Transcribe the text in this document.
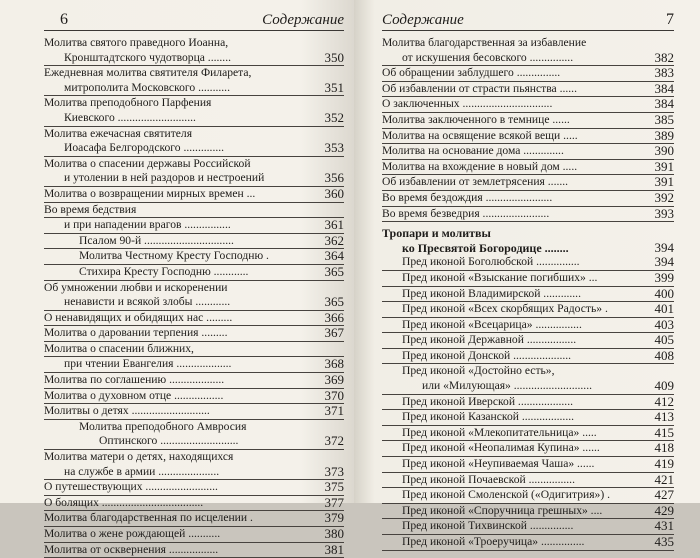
6	Содержание
Молитва святого праведного Иоанна,
Кронштадтского чудотворца ........	350
Ежедневная молитва святителя Филарета,
митрополита Московского ...........	351
Молитва преподобного Парфения
Киевского ...........................	352
Молитва ежечасная святителя
Иоасафа Белгородского ..............	353
Молитва о спасении державы Российской
и утолении в ней раздоров и нестроений	356
Молитва о возвращении мирных времен ...	360
Во время бедствия
и при нападении врагов ................	361
Псалом 90-й ...............................	362
Молитва Честному Кресту Господню .	364
Стихира Кресту Господню ............	365
Об умножении любви и искоренении
ненависти и всякой злобы ............	365
О ненавидящих и обидящих нас .........	366
Молитва о даровании терпения .........	367
Молитва о спасении ближних,
при чтении Евангелия ...................	368
Молитва по соглашению ...................	369
Молитва о духовном отце .................	370
Молитвы о детях ...........................	371
Молитва преподобного Амвросия
Оптинского ...........................	372
Молитва матери о детях, находящихся
на службе в армии .....................	373
О путешествующих .........................	375
О болящих ...................................	377
Молитва благодарственная по исцелении .	379
Молитва о жене рождающей ...........	380
Молитва от осквернения .................	381
Содержание	7
Молитва благодарственная за избавление
от искушения бесовского ...............	382
Об обращении заблудшего ...............	383
Об избавлении от страсти пьянства ......	384
О заключенных ...............................	384
Молитва заключенного в темнице ......	385
Молитва на освящение всякой вещи .....	389
Молитва на основание дома ..............	390
Молитва на вхождение в новый дом .....	391
Об избавлении от землетрясения .......	391
Во время бездождия .......................	392
Во время безведрия .......................	393
Тропари и молитвы
ко Пресвятой Богородице ........	394
Пред иконой Боголюбской ...............	394
Пред иконой «Взыскание погибших» ...	399
Пред иконой Владимирской .............	400
Пред иконой «Всех скорбящих Радость» .	401
Пред иконой «Всецарица» ................	403
Пред иконой Державной .................	405
Пред иконой Донской ....................	408
Пред иконой «Достойно есть»,
или «Милующая» ...........................	409
Пред иконой Иверской ...................	412
Пред иконой Казанской ..................	413
Пред иконой «Млекопитательница» .....	415
Пред иконой «Неопалимая Купина» ......	418
Пред иконой «Неупиваемая Чаша» ......	419
Пред иконой Почаевской ................	421
Пред иконой Смоленской («Одигитрия») .	427
Пред иконой «Споручница грешных» ....	429
Пред иконой Тихвинской ...............	431
Пред иконой «Троеручица» ...............	435
